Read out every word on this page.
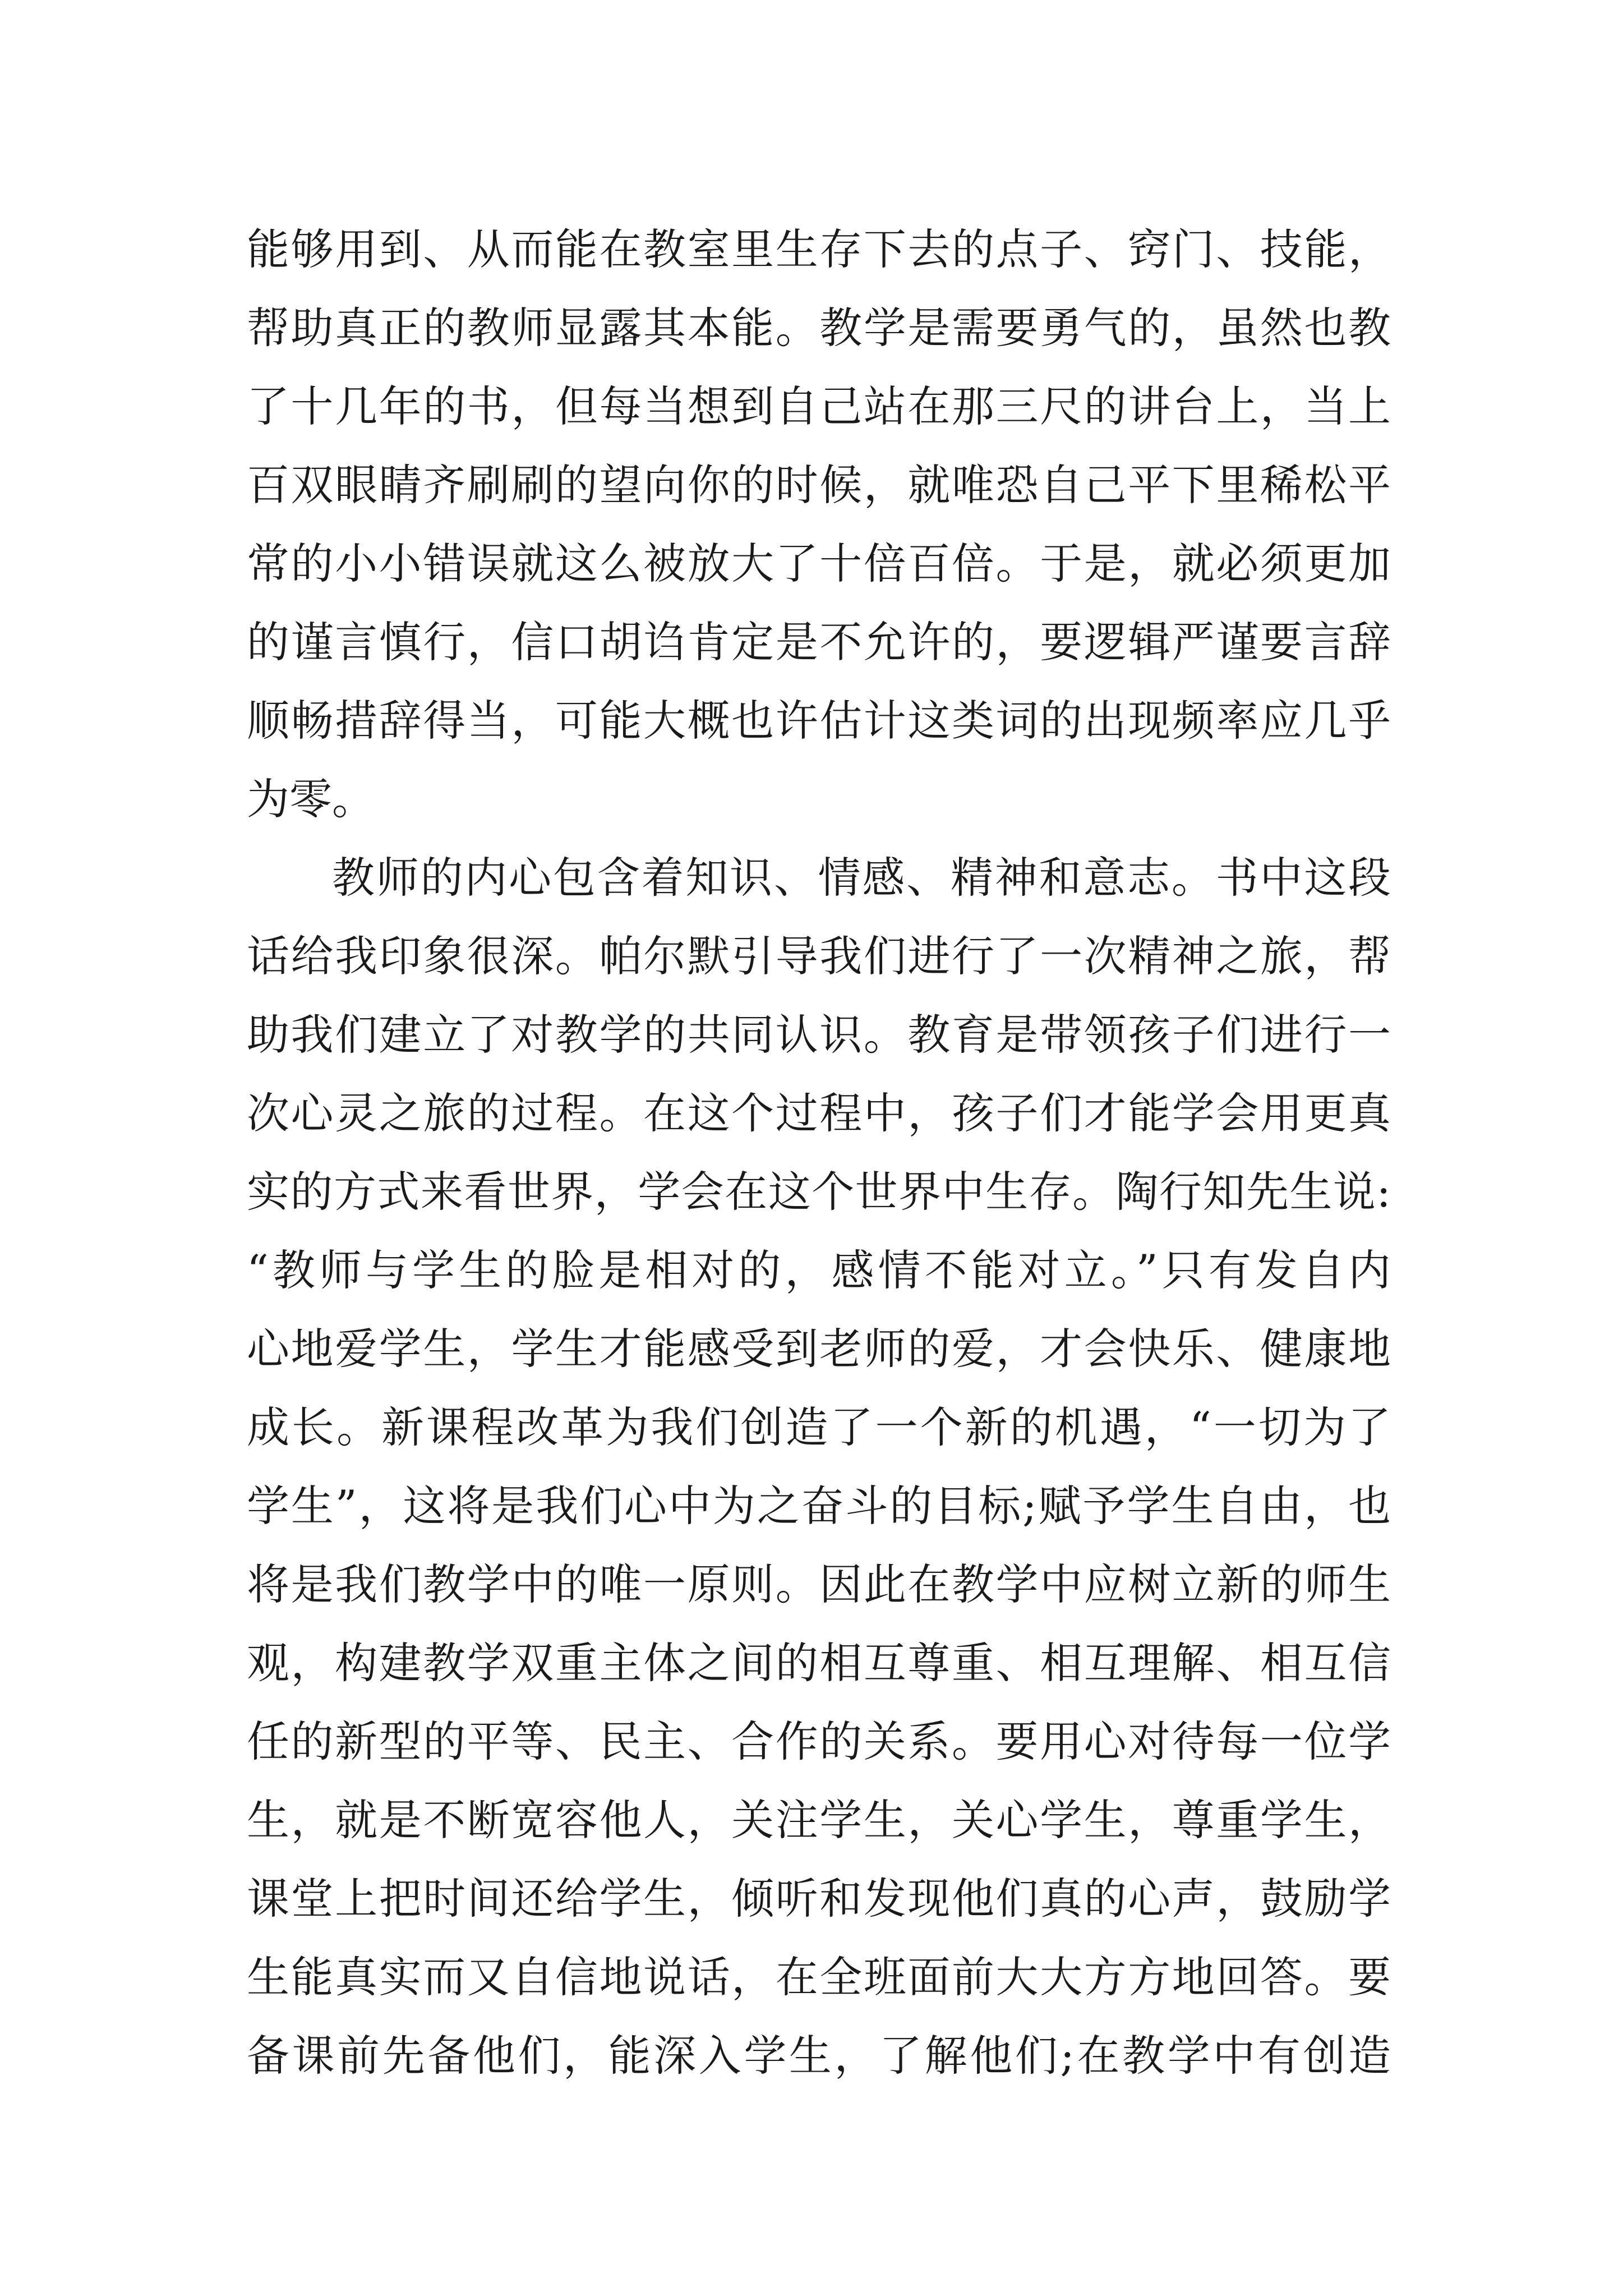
能够用到、从而能在教室里生存下去的点子、窍门、技能，
帮助真正的教师显露其本能。教学是需要勇气的，虽然也教
了十几年的书，但每当想到自己站在那三尺的讲台上，当上
百双眼睛齐刷刷的望向你的时候，就唯恐自己平下里稀松平
常的小小错误就这么被放大了十倍百倍。于是，就必须更加
的谨言慎行，信口胡诌肯定是不允许的，要逻辑严谨要言辞
顺畅措辞得当，可能大概也许估计这类词的出现频率应几乎
为零。
教师的内心包含着知识、情感、精神和意志。书中这段
话给我印象很深。帕尔默引导我们进行了一次精神之旅，帮
助我们建立了对教学的共同认识。教育是带领孩子们进行一
次心灵之旅的过程。在这个过程中，孩子们才能学会用更真
实的方式来看世界，学会在这个世界中生存。陶行知先生说:
“教师与学生的脸是相对的，感情不能对立。”只有发自内
心地爱学生，学生才能感受到老师的爱，才会快乐、健康地
成长。新课程改革为我们创造了一个新的机遇，“一切为了
学生”，这将是我们心中为之奋斗的目标;赋予学生自由，也
将是我们教学中的唯一原则。因此在教学中应树立新的师生
观，构建教学双重主体之间的相互尊重、相互理解、相互信
任的新型的平等、民主、合作的关系。要用心对待每一位学
生，就是不断宽容他人，关注学生，关心学生，尊重学生，
课堂上把时间还给学生，倾听和发现他们真的心声，鼓励学
生能真实而又自信地说话，在全班面前大大方方地回答。要
备课前先备他们，能深入学生，了解他们;在教学中有创造
